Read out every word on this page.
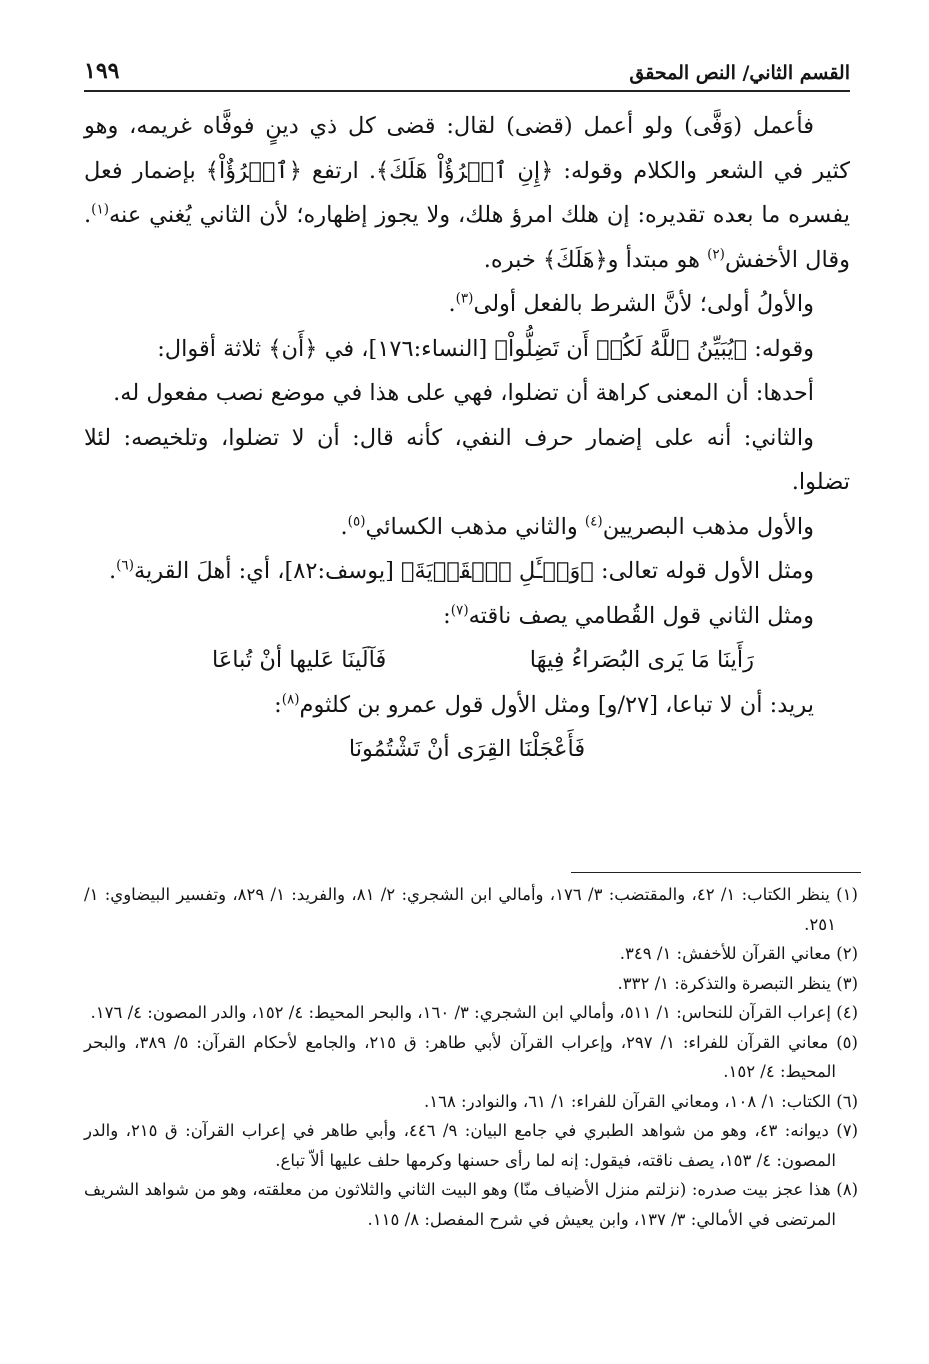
القسم الثاني/ النص المحقق
١٩٩

فأعمل (وَفَّى) ولو أعمل (قضى) لقال: قضى كل ذي دينٍ فوفَّاه غريمه، وهو كثير في الشعر والكلام وقوله: ﴿إِنِ ٱمۡرُؤٌاْ هَلَكَ﴾. ارتفع ﴿ٱمۡرُؤٌاْ﴾ بإضمار فعل يفسره ما بعده تقديره: إن هلك امرؤ هلك، ولا يجوز إظهاره؛ لأن الثاني يُغني عنه$^{(١)}$. وقال الأخفش$^{(٢)}$ هو مبتدأ و﴿هَلَكَ﴾ خبره.

والأولُ أولى؛ لأنَّ الشرط بالفعل أولى$^{(٣)}$.

وقوله: ﴿يُبَيِّنُ ٱللَّهُ لَكُمۡ أَن تَضِلُّواْ﴾ [النساء:١٧٦]، في ﴿أَن﴾ ثلاثة أقوال:

أحدها: أن المعنى كراهة أن تضلوا، فهي على هذا في موضع نصب مفعول له.

والثاني: أنه على إضمار حرف النفي، كأنه قال: أن لا تضلوا، وتلخيصه: لئلا تضلوا.

والأول مذهب البصريين$^{(٤)}$ والثاني مذهب الكسائي$^{(٥)}$.

ومثل الأول قوله تعالى: ﴿وَسۡـَٔلِ ٱلۡقَرۡيَةَ﴾ [يوسف:٨٢]، أي: أهلَ القرية$^{(٦)}$.

ومثل الثاني قول القُطامي يصف ناقته$^{(٧)}$:

رَأَينَا مَا يَرى البُصَراءُ فِيهَا
فَآلَينَا عَليها أنْ تُباعَا

يريد: أن لا تباعا، [٢٧/و] ومثل الأول قول عمرو بن كلثوم$^{(٨)}$:

فَأَعْجَلْنَا القِرَى أنْ تَشْتُمُونَا

(١) ينظر الكتاب: ١/ ٤٢، والمقتضب: ٣/ ١٧٦، وأمالي ابن الشجري: ٢/ ٨١، والفريد: ١/ ٨٢٩، وتفسير البيضاوي: ١/ ٢٥١.

(٢) معاني القرآن للأخفش: ١/ ٣٤٩.

(٣) ينظر التبصرة والتذكرة: ١/ ٣٣٢.

(٤) إعراب القرآن للنحاس: ١/ ٥١١، وأمالي ابن الشجري: ٣/ ١٦٠، والبحر المحيط: ٤/ ١٥٢، والدر المصون: ٤/ ١٧٦.

(٥) معاني القرآن للفراء: ١/ ٢٩٧، وإعراب القرآن لأبي طاهر: ق ٢١٥، والجامع لأحكام القرآن: ٥/ ٣٨٩، والبحر المحيط: ٤/ ١٥٢.

(٦) الكتاب: ١/ ١٠٨، ومعاني القرآن للفراء: ١/ ٦١، والنوادر: ١٦٨.

(٧) ديوانه: ٤٣، وهو من شواهد الطبري في جامع البيان: ٩/ ٤٤٦، وأبي طاهر في إعراب القرآن: ق ٢١٥، والدر المصون: ٤/ ١٥٣، يصف ناقته، فيقول: إنه لما رأى حسنها وكرمها حلف عليها ألاّ تباع.

(٨) هذا عجز بيت صدره: (نزلتم منزل الأضياف منّا) وهو البيت الثاني والثلاثون من معلقته، وهو من شواهد الشريف المرتضى في الأمالي: ٣/ ١٣٧، وابن يعيش في شرح المفصل: ٨/ ١١٥.
